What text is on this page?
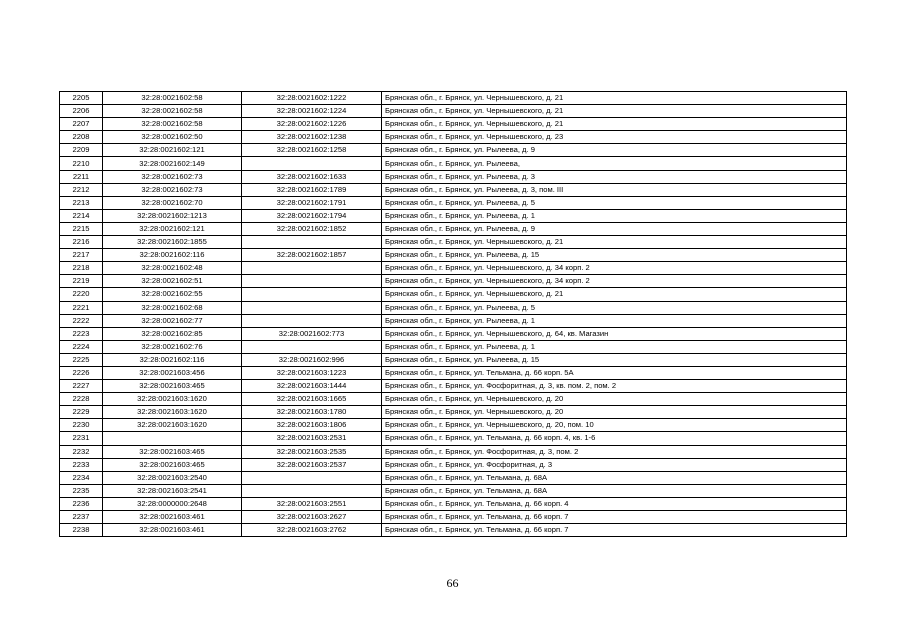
2205	32:28:0021602:58	32:28:0021602:1222	Брянская обл., г. Брянск, ул. Чернышевского, д. 21
2206	32:28:0021602:58	32:28:0021602:1224	Брянская обл., г. Брянск, ул. Чернышевского, д. 21
2207	32:28:0021602:58	32:28:0021602:1226	Брянская обл., г. Брянск, ул. Чернышевского, д. 21
2208	32:28:0021602:50	32:28:0021602:1238	Брянская обл., г. Брянск, ул. Чернышевского, д. 23
2209	32:28:0021602:121	32:28:0021602:1258	Брянская обл., г. Брянск, ул. Рылеева, д. 9
2210	32:28:0021602:149		Брянская обл., г. Брянск, ул. Рылеева,
2211	32:28:0021602:73	32:28:0021602:1633	Брянская обл., г. Брянск, ул. Рылеева, д. 3
2212	32:28:0021602:73	32:28:0021602:1789	Брянская обл., г. Брянск, ул. Рылеева, д. 3, пом. III
2213	32:28:0021602:70	32:28:0021602:1791	Брянская обл., г. Брянск, ул. Рылеева, д. 5
2214	32:28:0021602:1213	32:28:0021602:1794	Брянская обл., г. Брянск, ул. Рылеева, д. 1
2215	32:28:0021602:121	32:28:0021602:1852	Брянская обл., г. Брянск, ул. Рылеева, д. 9
2216	32:28:0021602:1855		Брянская обл., г. Брянск, ул. Чернышевского, д. 21
2217	32:28:0021602:116	32:28:0021602:1857	Брянская обл., г. Брянск, ул. Рылеева, д. 15
2218	32:28:0021602:48		Брянская обл., г. Брянск, ул. Чернышевского, д. 34 корп. 2
2219	32:28:0021602:51		Брянская обл., г. Брянск, ул. Чернышевского, д. 34 корп. 2
2220	32:28:0021602:55		Брянская обл., г. Брянск, ул. Чернышевского, д. 21
2221	32:28:0021602:68		Брянская обл., г. Брянск, ул. Рылеева, д. 5
2222	32:28:0021602:77		Брянская обл., г. Брянск, ул. Рылеева, д. 1
2223	32:28:0021602:85	32:28:0021602:773	Брянская обл., г. Брянск, ул. Чернышевского, д. 64, кв. Магазин
2224	32:28:0021602:76		Брянская обл., г. Брянск, ул. Рылеева, д. 1
2225	32:28:0021602:116	32:28:0021602:996	Брянская обл., г. Брянск, ул. Рылеева, д. 15
2226	32:28:0021603:456	32:28:0021603:1223	Брянская обл., г. Брянск, ул. Тельмана, д. 66 корп. 5А
2227	32:28:0021603:465	32:28:0021603:1444	Брянская обл., г. Брянск, ул. Фосфоритная, д. 3, кв. пом. 2, пом. 2
2228	32:28:0021603:1620	32:28:0021603:1665	Брянская обл., г. Брянск, ул. Чернышевского, д. 20
2229	32:28:0021603:1620	32:28:0021603:1780	Брянская обл., г. Брянск, ул. Чернышевского, д. 20
2230	32:28:0021603:1620	32:28:0021603:1806	Брянская обл., г. Брянск, ул. Чернышевского, д. 20, пом. 10
2231		32:28:0021603:2531	Брянская обл., г. Брянск, ул. Тельмана, д. 66 корп. 4, кв. 1-6
2232	32:28:0021603:465	32:28:0021603:2535	Брянская обл., г. Брянск, ул. Фосфоритная, д. 3, пом. 2
2233	32:28:0021603:465	32:28:0021603:2537	Брянская обл., г. Брянск, ул. Фосфоритная, д. 3
2234	32:28:0021603:2540		Брянская обл., г. Брянск, ул. Тельмана, д. 68А
2235	32:28:0021603:2541		Брянская обл., г. Брянск, ул. Тельмана, д. 68А
2236	32:28:0000000:2648	32:28:0021603:2551	Брянская обл., г. Брянск, ул. Тельмана, д. 66 корп. 4
2237	32:28:0021603:461	32:28:0021603:2627	Брянская обл., г. Брянск, ул. Тельмана, д. 66 корп. 7
2238	32:28:0021603:461	32:28:0021603:2762	Брянская обл., г. Брянск, ул. Тельмана, д. 66 корп. 7
66
